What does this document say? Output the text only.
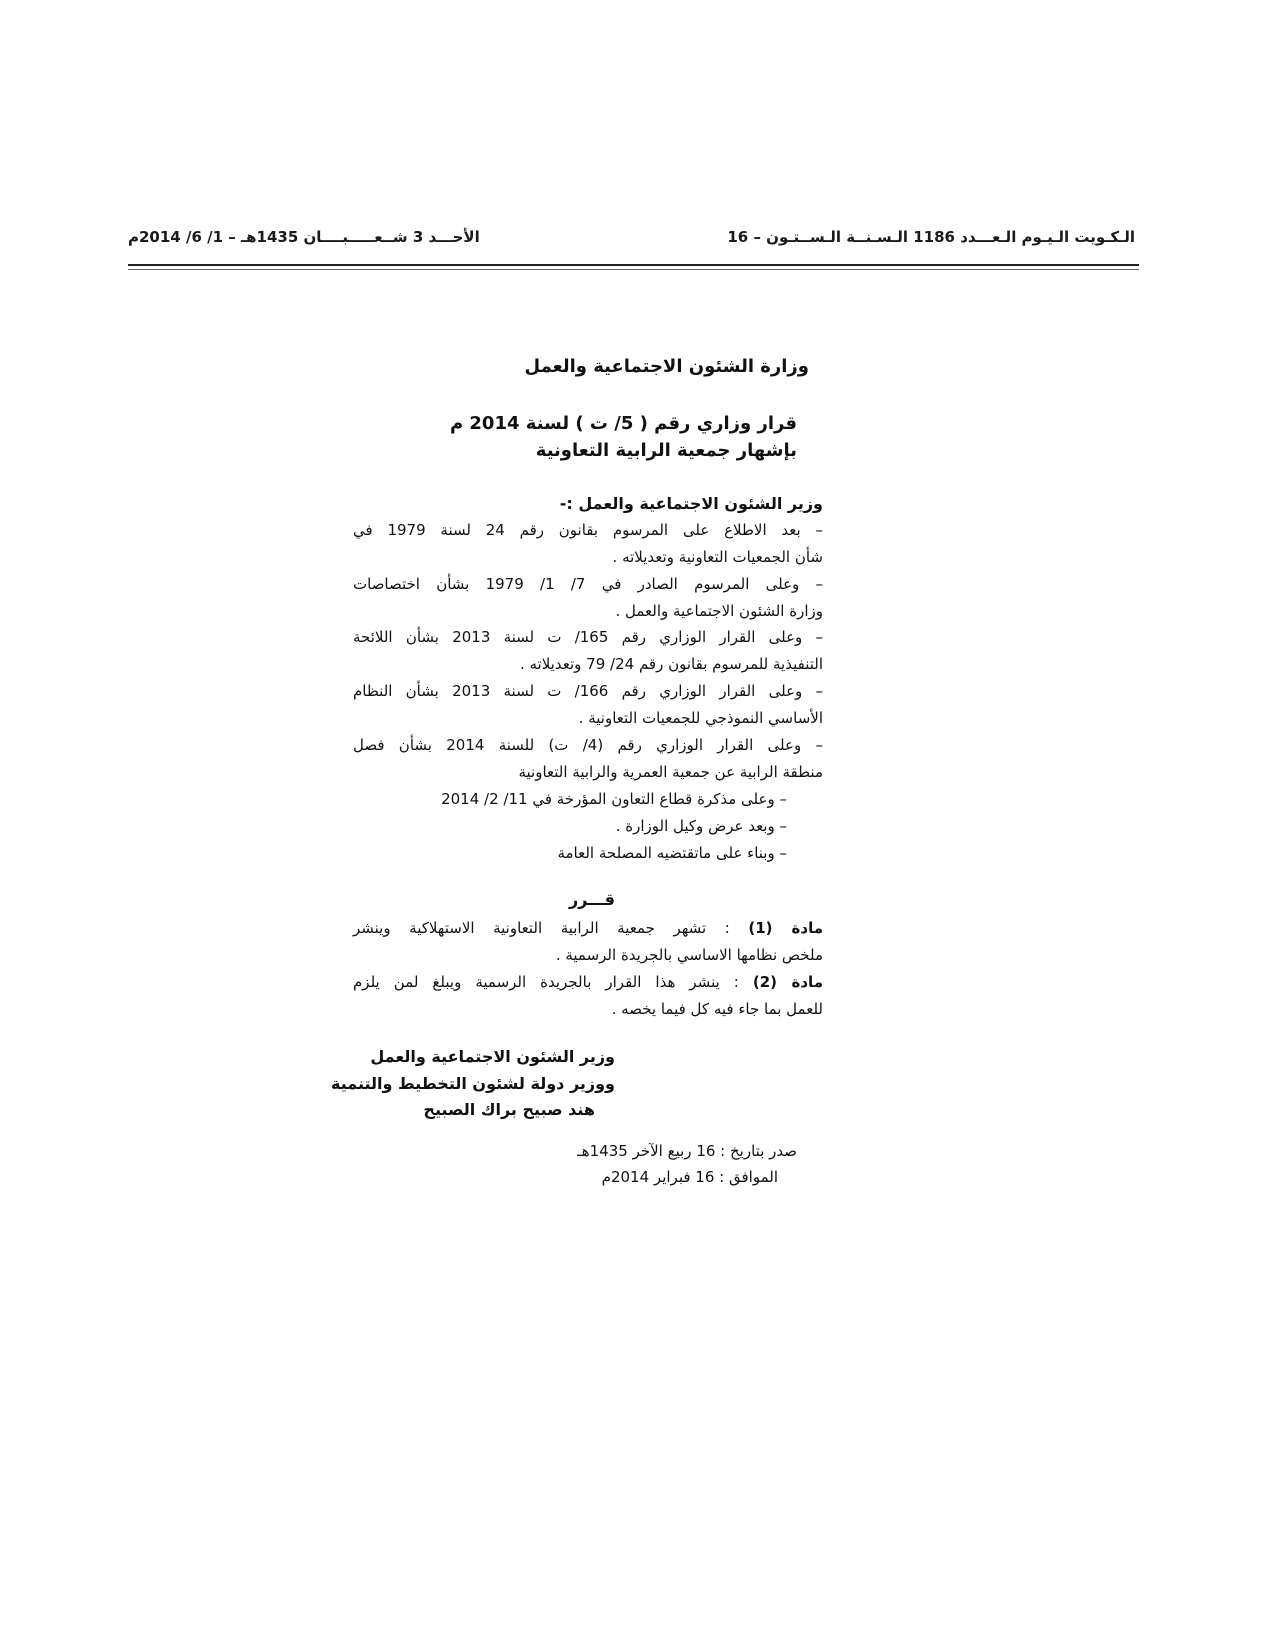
الـكـويت الـيـوم الـعـــدد 1186 الـسـنــة الـســتـون – 16
الأحـــد 3 شــعـــــبــــان 1435هـ – 1/ 6/ 2014م
وزارة الشئون الاجتماعية والعمل
قرار وزاري رقم ( 5/ ت ) لسنة 2014 م
بإشهار جمعية الرابية التعاونية
وزير الشئون الاجتماعية والعمل :-
– بعد الاطلاع على المرسوم بقانون رقم 24 لسنة 1979 في
شأن الجمعيات التعاونية وتعديلاته .
– وعلى المرسوم الصادر في 7/ 1/ 1979 بشأن اختصاصات
وزارة الشئون الاجتماعية والعمل .
– وعلى القرار الوزاري رقم 165/ ت لسنة 2013 بشأن اللائحة
التنفيذية للمرسوم بقانون رقم 24/ 79 وتعديلاته .
– وعلى القرار الوزاري رقم 166/ ت لسنة 2013 بشأن النظام
الأساسي النموذجي للجمعيات التعاونية .
– وعلى القرار الوزاري رقم (4/ ت) للسنة 2014 بشأن فصل
منطقة الرابية عن جمعية العمرية والرابية التعاونية
– وعلى مذكرة قطاع التعاون المؤرخة في 11/ 2/ 2014
– وبعد عرض وكيل الوزارة .
– وبناء على ماتقتضيه المصلحة العامة
قـــرر
مادة (1) : تشهر جمعية الرابية التعاونية الاستهلاكية وينشر
ملخص نظامها الاساسي بالجريدة الرسمية .
مادة (2) : ينشر هذا القرار بالجريدة الرسمية ويبلغ لمن يلزم
للعمل بما جاء فيه كل فيما يخصه .
وزير الشئون الاجتماعية والعمل
ووزير دولة لشئون التخطيط والتنمية
هند صبيح براك الصبيح
صدر بتاريخ : 16 ربيع الآخر 1435هـ
الموافق : 16 فبراير 2014م
